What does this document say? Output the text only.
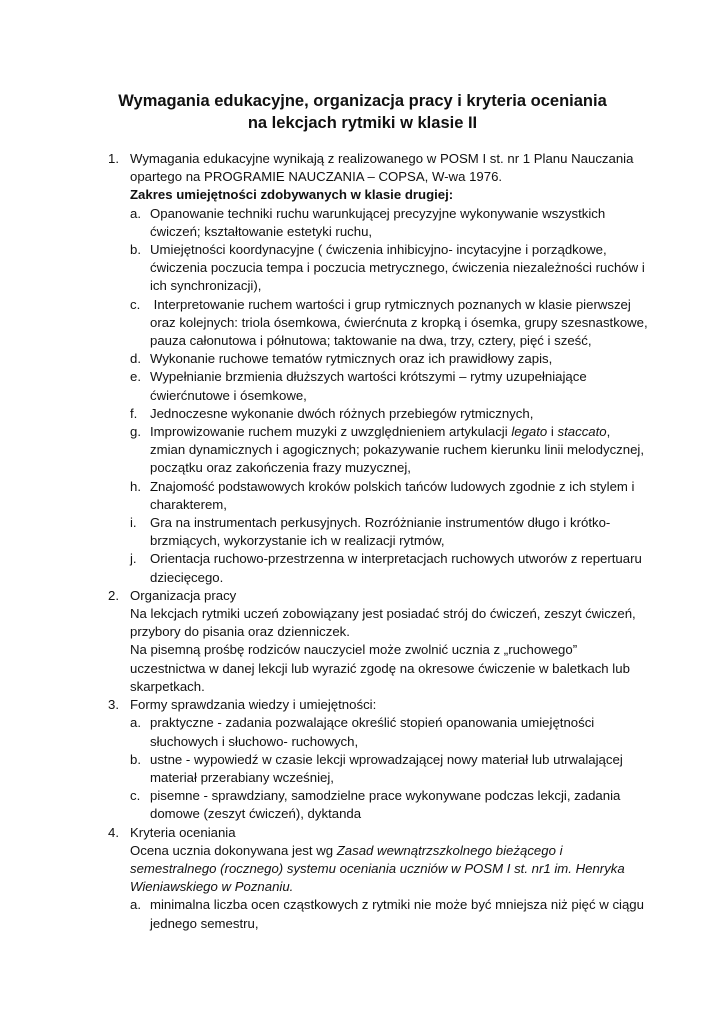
Wymagania edukacyjne, organizacja pracy i kryteria oceniania
na lekcjach rytmiki w klasie II
1. Wymagania edukacyjne wynikają z realizowanego w POSM I st. nr 1 Planu Nauczania opartego na PROGRAMIE NAUCZANIA – COPSA, W-wa 1976.
Zakres umiejętności zdobywanych w klasie drugiej:
a. Opanowanie techniki ruchu warunkującej precyzyjne wykonywanie wszystkich ćwiczeń; kształtowanie estetyki ruchu,
b. Umiejętności koordynacyjne ( ćwiczenia inhibicyjno- incytacyjne i porządkowe, ćwiczenia poczucia tempa i poczucia metrycznego, ćwiczenia niezależności ruchów i ich synchronizacji),
c. Interpretowanie ruchem wartości i grup rytmicznych poznanych w klasie pierwszej oraz kolejnych: triola ósemkowa, ćwierćnuta z kropką i ósemka, grupy szesnastkowe, pauza całonutowa i półnutowa; taktowanie na dwa, trzy, cztery, pięć i sześć,
d. Wykonanie ruchowe tematów rytmicznych oraz ich prawidłowy zapis,
e. Wypełnianie brzmienia dłuższych wartości krótszymi – rytmy uzupełniające ćwierćnutowe i ósemkowe,
f. Jednoczesne wykonanie dwóch różnych przebiegów rytmicznych,
g. Improwizowanie ruchem muzyki z uwzględnieniem artykulacji legato i staccato, zmian dynamicznych i agogicznych; pokazywanie ruchem kierunku linii melodycznej, początku oraz zakończenia frazy muzycznej,
h. Znajomość podstawowych kroków polskich tańców ludowych zgodnie z ich stylem i charakterem,
i.	Gra na instrumentach perkusyjnych. Rozróżnianie instrumentów długo i krótko-brzmiących, wykorzystanie ich w realizacji rytmów,
j.	Orientacja ruchowo-przestrzenna w interpretacjach ruchowych utworów z repertuaru dziecięcego.
2. Organizacja pracy
Na lekcjach rytmiki uczeń zobowiązany jest posiadać strój do ćwiczeń, zeszyt ćwiczeń, przybory do pisania oraz dzienniczek.
Na pisemną prośbę rodziców nauczyciel może zwolnić ucznia z „ruchowego” uczestnictwa w danej lekcji lub wyrazić zgodę na okresowe ćwiczenie w baletkach lub skarpetkach.
3. Formy sprawdzania wiedzy i umiejętności:
a. praktyczne - zadania pozwalające określić stopień opanowania umiejętności słuchowych i słuchowo- ruchowych,
b. ustne - wypowiedź w czasie lekcji wprowadzającej nowy materiał lub utrwalającej materiał przerabiany wcześniej,
c. pisemne - sprawdziany, samodzielne prace wykonywane podczas lekcji, zadania domowe (zeszyt ćwiczeń), dyktanda
4. Kryteria oceniania
Ocena ucznia dokonywana jest wg Zasad wewnątrzszkolnego bieżącego i semestralnego (rocznego) systemu oceniania uczniów w POSM I st. nr1 im. Henryka Wieniawskiego w Poznaniu.
a. minimalna liczba ocen cząstkowych z rytmiki nie może być mniejsza niż pięć w ciągu jednego semestru,
